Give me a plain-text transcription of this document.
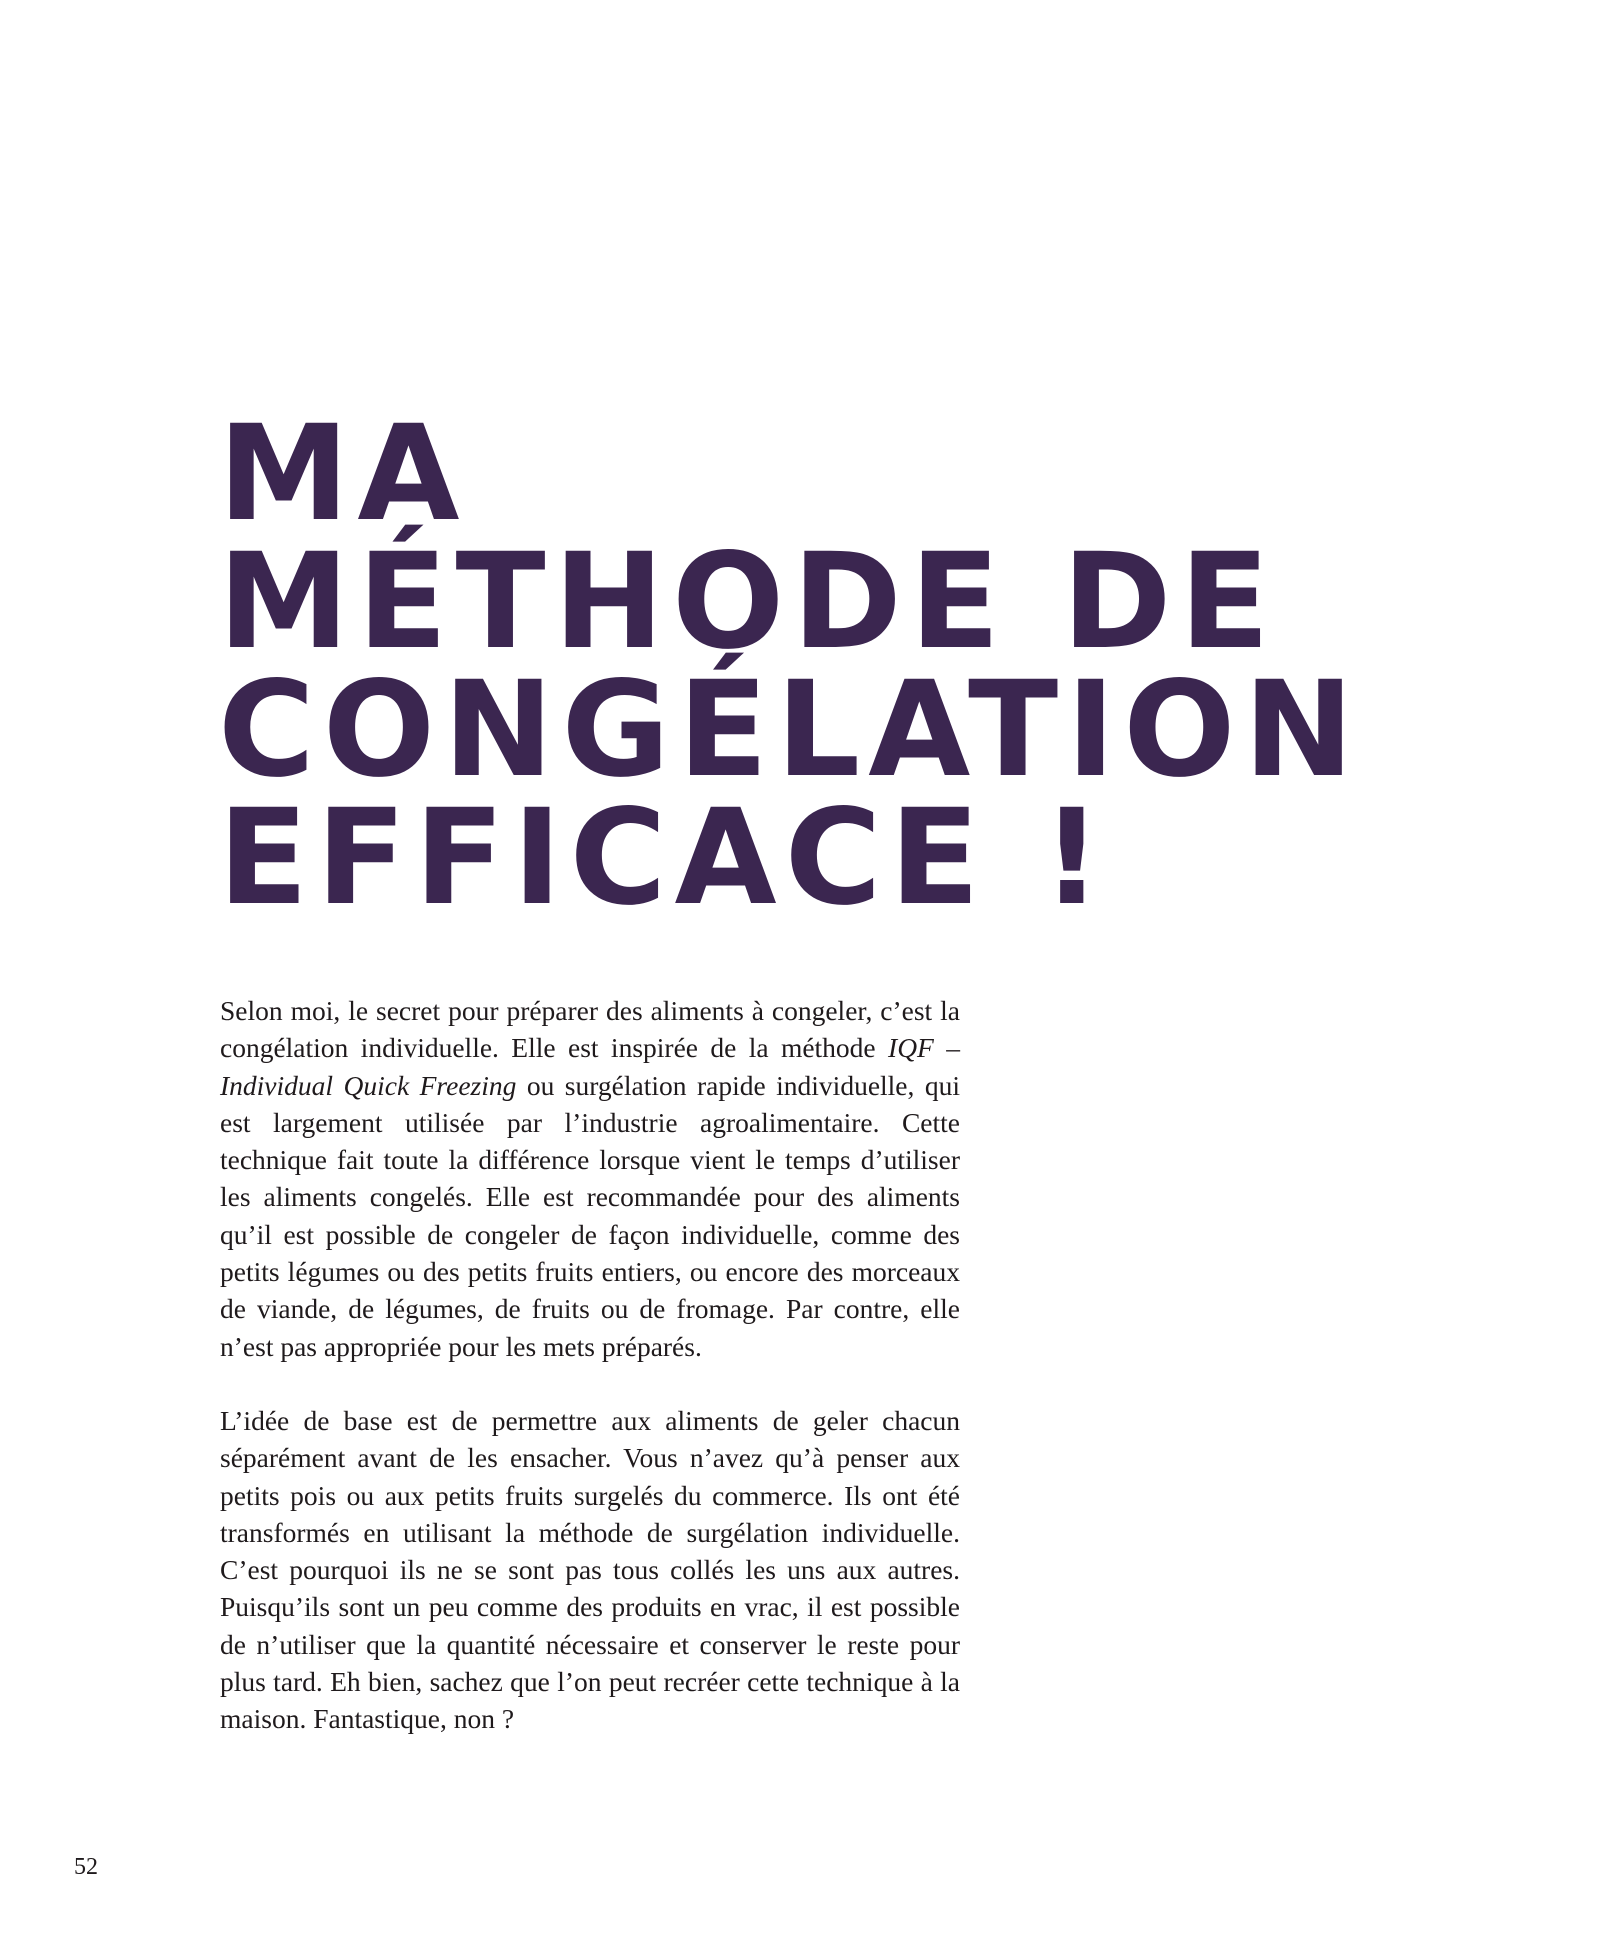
MA
MÉTHODE DE
CONGÉLATION
EFFICACE !

Selon moi, le secret pour préparer des aliments à congeler, c’est la congélation individuelle. Elle est inspirée de la méthode IQF – Individual Quick Freezing ou surgélation rapide individuelle, qui est largement utilisée par l’industrie agroalimentaire. Cette technique fait toute la différence lorsque vient le temps d’utiliser les aliments congelés. Elle est recommandée pour des aliments qu’il est possible de congeler de façon individuelle, comme des petits légumes ou des petits fruits entiers, ou encore des morceaux de viande, de légumes, de fruits ou de fromage. Par contre, elle n’est pas appropriée pour les mets préparés.

L’idée de base est de permettre aux aliments de geler chacun séparément avant de les ensacher. Vous n’avez qu’à penser aux petits pois ou aux petits fruits surgelés du commerce. Ils ont été transformés en utilisant la méthode de surgélation individuelle. C’est pourquoi ils ne se sont pas tous collés les uns aux autres. Puisqu’ils sont un peu comme des produits en vrac, il est possible de n’utiliser que la quantité nécessaire et conserver le reste pour plus tard. Eh bien, sachez que l’on peut recréer cette technique à la maison. Fantastique, non ?

52
